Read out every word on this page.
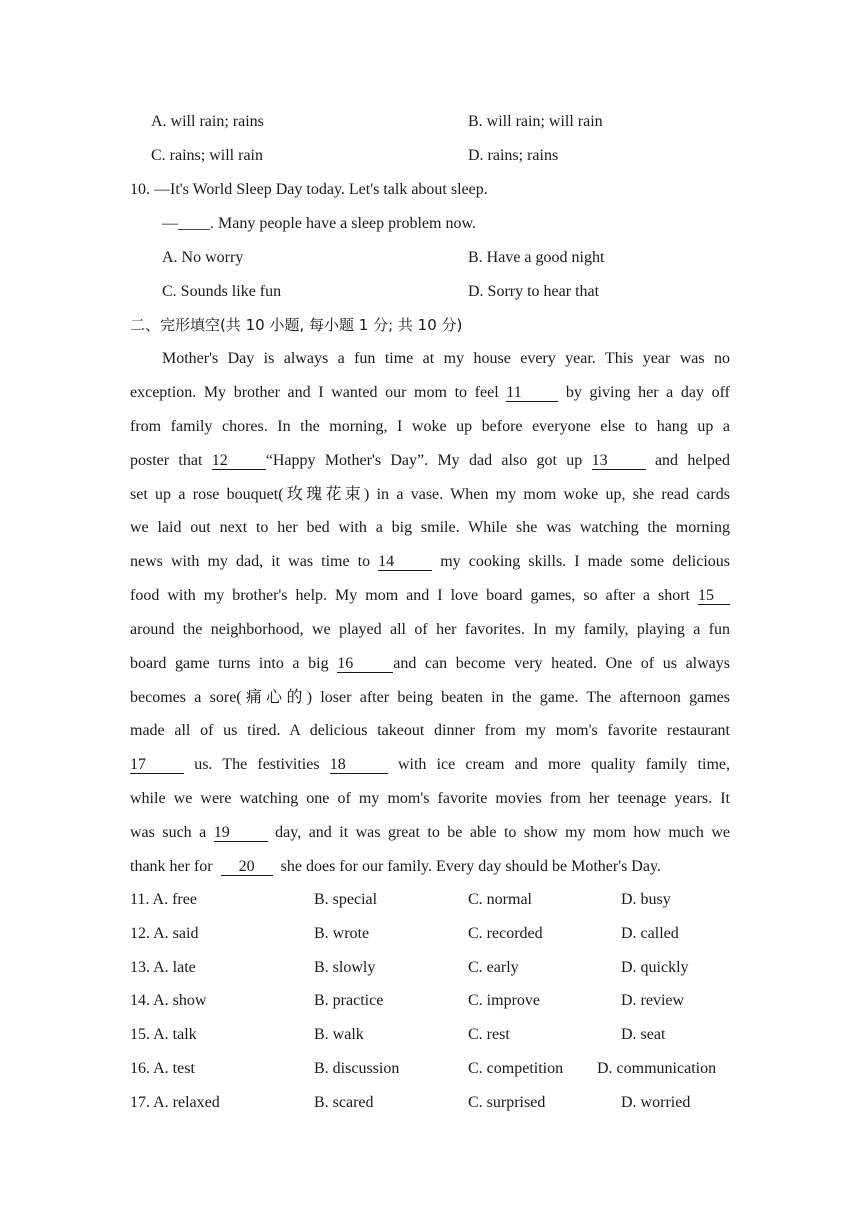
A. will rain; rains	B. will rain; will rain
C. rains; will rain	D. rains; rains
10. —It's World Sleep Day today. Let's talk about sleep.
—____. Many people have a sleep problem now.
A. No worry	B. Have a good night
C. Sounds like fun	D. Sorry to hear that
二、完形填空(共 10 小题, 每小题 1 分; 共 10 分)
Mother's Day is always a fun time at my house every year. This year was no
exception. My brother and I wanted our mom to feel 11	by giving her a day off
from family chores. In the morning, I woke up before everyone else to hang up a
poster that 12 “Happy Mother's Day”. My dad also got up 13	and helped
set up a rose bouquet(玫瑰花束) in a vase. When my mom woke up, she read cards
we laid out next to her bed with a big smile. While she was watching the morning
news with my dad, it was time to 14	my cooking skills. I made some delicious
food with my brother's help. My mom and I love board games, so after a short 15
around the neighborhood, we played all of her favorites. In my family, playing a fun
board game turns into a big 16	and can become very heated. One of us always
becomes a sore(痛心的) loser after being beaten in the game. The afternoon games
made all of us tired. A delicious takeout dinner from my mom's favorite restaurant
17	us. The festivities 18	with ice cream and more quality family time,
while we were watching one of my mom's favorite movies from her teenage years. It
was such a 19	day, and it was great to be able to show my mom how much we
thank her for 20 she does for our family. Every day should be Mother's Day.
11. A. free	B. special	C. normal	D. busy
12. A. said	B. wrote	C. recorded	D. called
13. A. late	B. slowly	C. early	D. quickly
14. A. show	B. practice	C. improve	D. review
15. A. talk	B. walk	C. rest	D. seat
16. A. test	B. discussion	C. competition D. communication
17. A. relaxed	B. scared	C. surprised	D. worried
